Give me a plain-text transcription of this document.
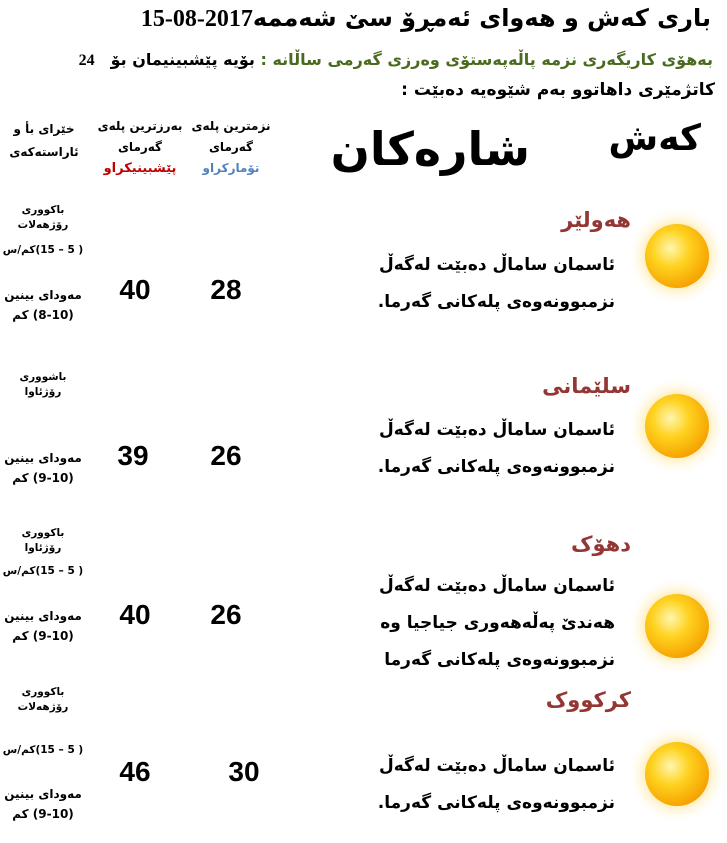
باری کەش و هەوای ئەمڕۆ سێ شەممە2017-08-15
بەهۆی کاریگەری نزمە پاڵەپەستۆی وەرزی گەرمی ساڵانە : بۆیە پێشبینیمان بۆ24
کاتژمێری داهاتوو بەم شێوەیە دەبێت :
کەش
شارەکان
نزمترین پلەی
گەرمای
تۆمارکراو
بەرزترین پلەی
گەرمای
پێشبینیکراو
خێرای بأ و
ئاراستەکەی
هەولێر
ئاسمان ساماڵ دەبێت لەگەڵ
نزمبوونەوەی پلەکانی گەرما.
28
40
باکووری
رۆژهەلات
( 5 – 15)کم/س
مەودای بینین
(8-10) کم
سلێمانی
ئاسمان ساماڵ دەبێت لەگەڵ
نزمبوونەوەی پلەکانی گەرما.
26
39
باشووری
رۆژئاوا
مەودای بینین
(9-10) کم
دهۆک
ئاسمان ساماڵ دەبێت لەگەڵ
هەندێ پەڵەهەوری جیاجیا وە
نزمبوونەوەی پلەکانی گەرما
26
40
باکووری
رۆژئاوا
( 5 – 15)کم/س
مەودای بینین
(9-10) کم
کرکووک
ئاسمان ساماڵ دەبێت لەگەڵ
نزمبوونەوەی پلەکانی گەرما.
30
46
باکووری
رۆژهەلات
( 5 – 15)کم/س
مەودای بینین
(9-10) کم
